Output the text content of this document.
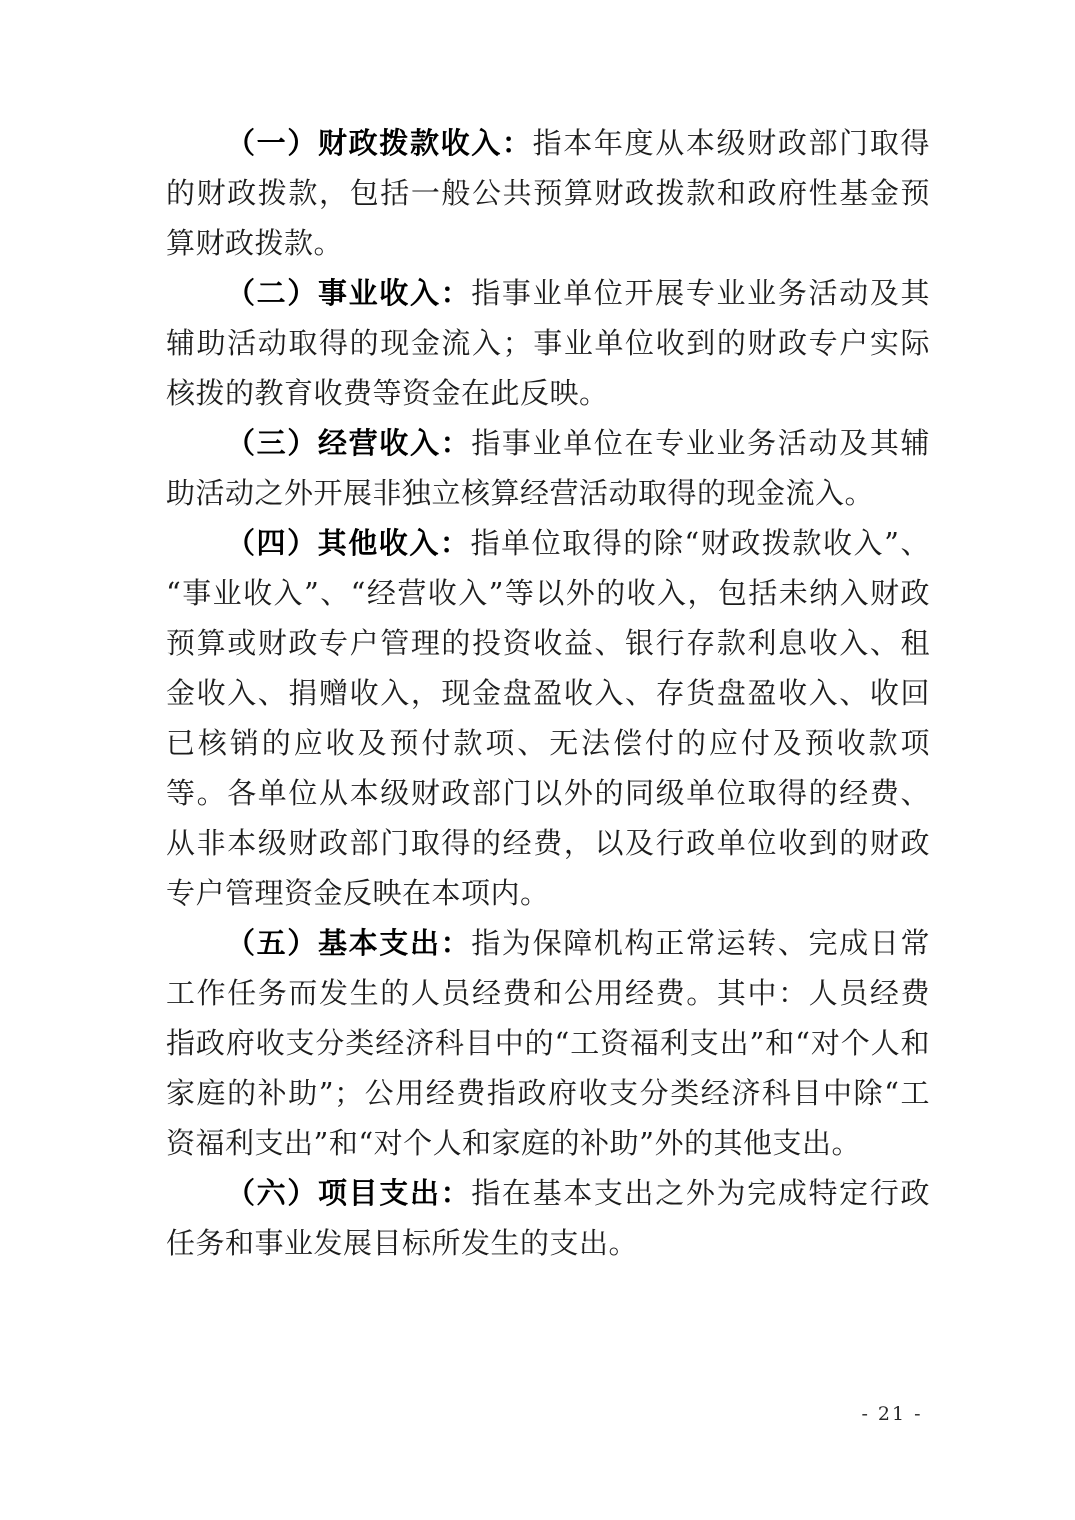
（一）财政拨款收入：指本年度从本级财政部门取得的财政拨款，包括一般公共预算财政拨款和政府性基金预算财政拨款。

（二）事业收入：指事业单位开展专业业务活动及其辅助活动取得的现金流入；事业单位收到的财政专户实际核拨的教育收费等资金在此反映。

（三）经营收入：指事业单位在专业业务活动及其辅助活动之外开展非独立核算经营活动取得的现金流入。

（四）其他收入：指单位取得的除“财政拨款收入”、“事业收入”、“经营收入”等以外的收入，包括未纳入财政预算或财政专户管理的投资收益、银行存款利息收入、租金收入、捐赠收入，现金盘盈收入、存货盘盈收入、收回已核销的应收及预付款项、无法偿付的应付及预收款项等。各单位从本级财政部门以外的同级单位取得的经费、从非本级财政部门取得的经费，以及行政单位收到的财政专户管理资金反映在本项内。

（五）基本支出：指为保障机构正常运转、完成日常工作任务而发生的人员经费和公用经费。其中：人员经费指政府收支分类经济科目中的“工资福利支出”和“对个人和家庭的补助”；公用经费指政府收支分类经济科目中除“工资福利支出”和“对个人和家庭的补助”外的其他支出。

（六）项目支出：指在基本支出之外为完成特定行政任务和事业发展目标所发生的支出。

- 21 -
